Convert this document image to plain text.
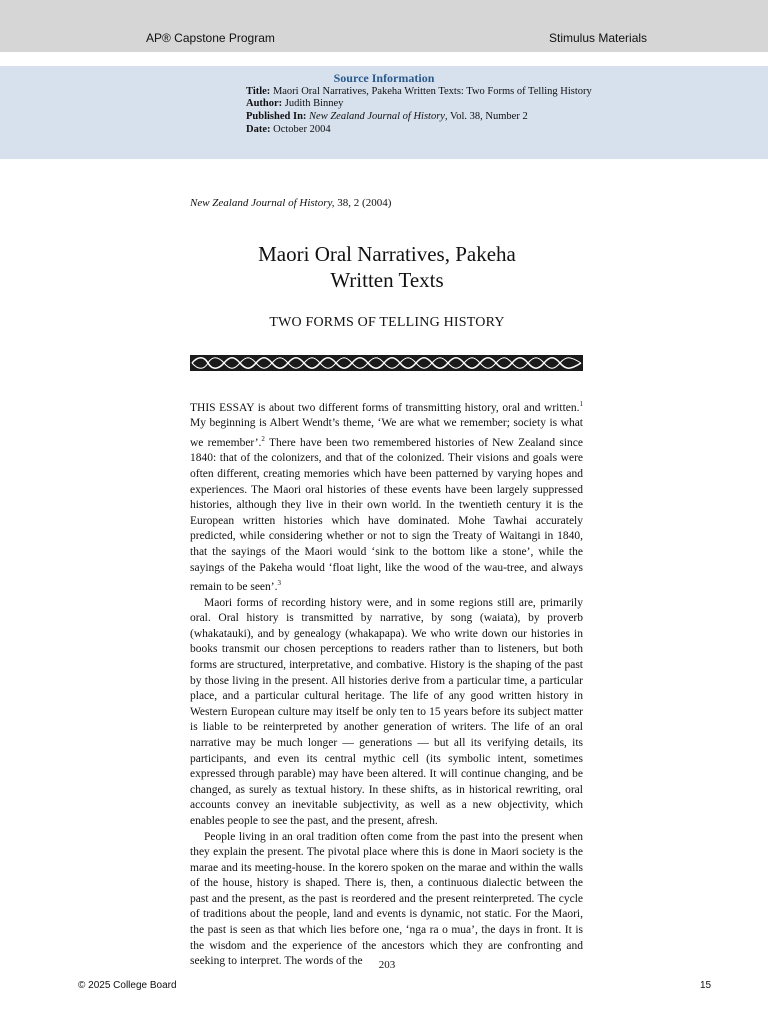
AP® Capstone Program	Stimulus Materials
Source Information
Title: Maori Oral Narratives, Pakeha Written Texts: Two Forms of Telling History
Author: Judith Binney
Published In: New Zealand Journal of History, Vol. 38, Number 2
Date: October 2004
New Zealand Journal of History, 38, 2 (2004)
Maori Oral Narratives, Pakeha
Written Texts
TWO FORMS OF TELLING HISTORY

THIS ESSAY is about two different forms of transmitting history, oral and written.$^1$ My beginning is Albert Wendt’s theme, ‘We are what we remember; society is what we remember’.$^2$ There have been two remembered histories of New Zealand since 1840: that of the colonizers, and that of the colonized. Their visions and goals were often different, creating memories which have been patterned by varying hopes and experiences. The Maori oral histories of these events have been largely suppressed histories, although they live in their own world. In the twentieth century it is the European written histories which have dominated. Mohe Tawhai accurately predicted, while considering whether or not to sign the Treaty of Waitangi in 1840, that the sayings of the Maori would ‘sink to the bottom like a stone’, while the sayings of the Pakeha would ‘float light, like the wood of the wau-tree, and always remain to be seen’.$^3$

Maori forms of recording history were, and in some regions still are, primarily oral. Oral history is transmitted by narrative, by song (waiata), by proverb (whakatauki), and by genealogy (whakapapa). We who write down our histories in books transmit our chosen perceptions to readers rather than to listeners, but both forms are structured, interpretative, and combative. History is the shaping of the past by those living in the present. All histories derive from a particular time, a particular place, and a particular cultural heritage. The life of any good written history in Western European culture may itself be only ten to 15 years before its subject matter is liable to be reinterpreted by another generation of writers. The life of an oral narrative may be much longer — generations — but all its verifying details, its participants, and even its central mythic cell (its symbolic intent, sometimes expressed through parable) may have been altered. It will continue changing, and be changed, as surely as textual history. In these shifts, as in historical rewriting, oral accounts convey an inevitable subjectivity, as well as a new objectivity, which enables people to see the past, and the present, afresh.

People living in an oral tradition often come from the past into the present when they explain the present. The pivotal place where this is done in Maori society is the marae and its meeting-house. In the korero spoken on the marae and within the walls of the house, history is shaped. There is, then, a continuous dialectic between the past and the present, as the past is reordered and the present reinterpreted. The cycle of traditions about the people, land and events is dynamic, not static. For the Maori, the past is seen as that which lies before one, ‘nga ra o mua’, the days in front. It is the wisdom and the experience of the ancestors which they are confronting and seeking to interpret. The words of the	203
© 2025 College Board	15
